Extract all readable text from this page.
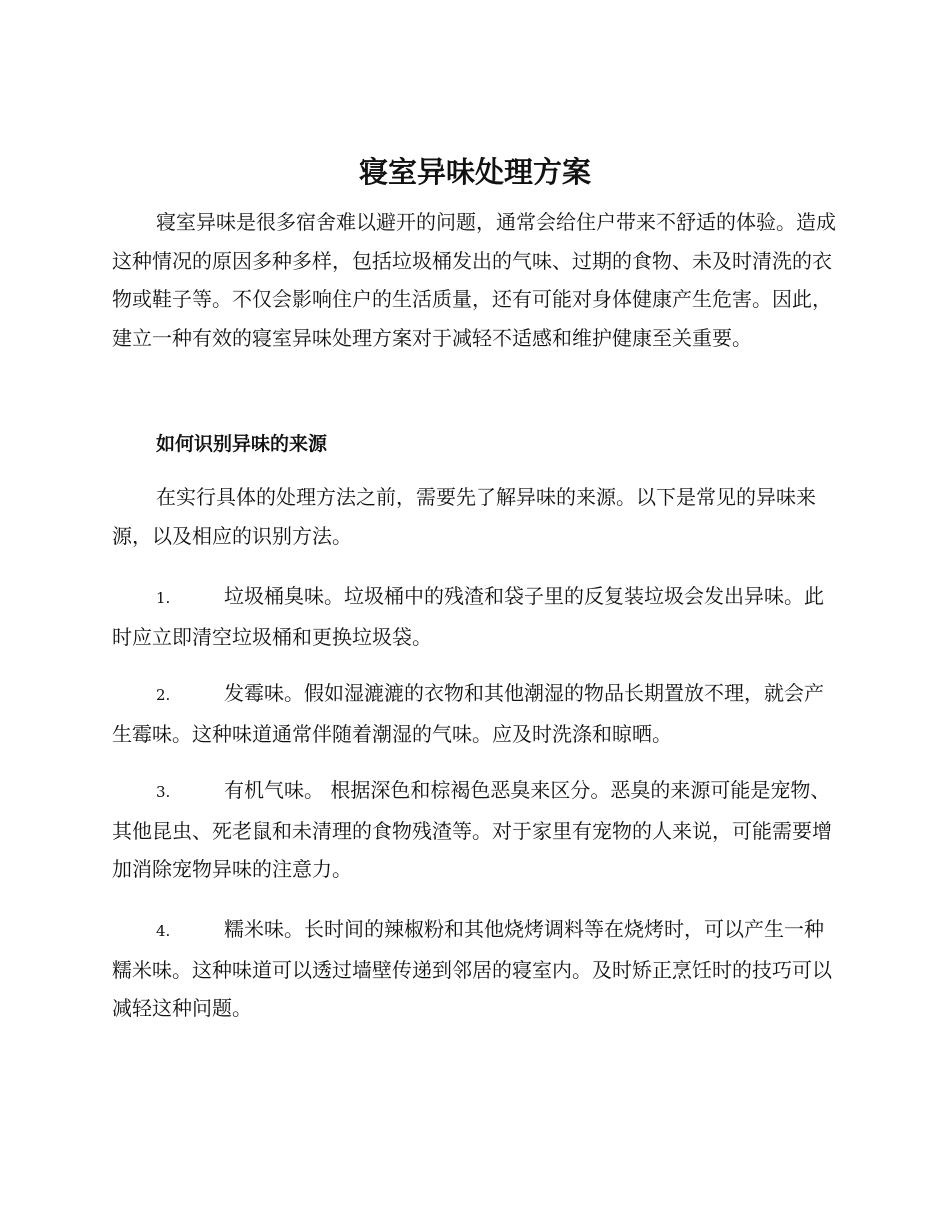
寝室异味处理方案

寝室异味是很多宿舍难以避开的问题，通常会给住户带来不舒适的体验。造成这种情况的原因多种多样，包括垃圾桶发出的气味、过期的食物、未及时清洗的衣物或鞋子等。不仅会影响住户的生活质量，还有可能对身体健康产生危害。因此，建立一种有效的寝室异味处理方案对于减轻不适感和维护健康至关重要。

如何识别异味的来源

在实行具体的处理方法之前，需要先了解异味的来源。以下是常见的异味来源，以及相应的识别方法。

1.	垃圾桶臭味。垃圾桶中的残渣和袋子里的反复装垃圾会发出异味。此时应立即清空垃圾桶和更换垃圾袋。

2.	发霉味。假如湿漉漉的衣物和其他潮湿的物品长期置放不理，就会产生霉味。这种味道通常伴随着潮湿的气味。应及时洗涤和晾晒。

3.	有机气味。 根据深色和棕褐色恶臭来区分。恶臭的来源可能是宠物、其他昆虫、死老鼠和未清理的食物残渣等。对于家里有宠物的人来说，可能需要增加消除宠物异味的注意力。

4.	糯米味。长时间的辣椒粉和其他烧烤调料等在烧烤时，可以产生一种糯米味。这种味道可以透过墙壁传递到邻居的寝室内。及时矫正烹饪时的技巧可以减轻这种问题。
